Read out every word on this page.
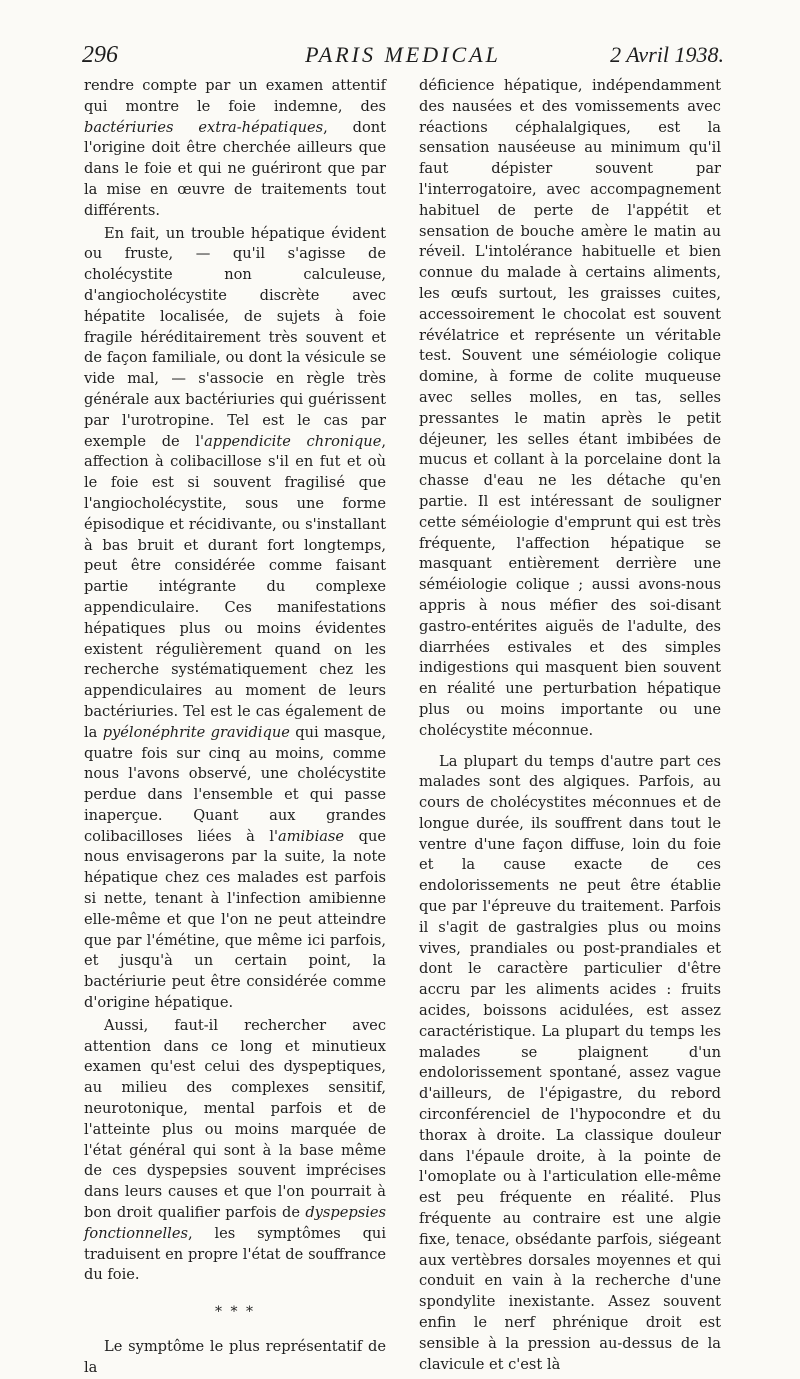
296	PARIS MEDICAL	2 Avril 1938.

rendre compte par un examen attentif qui montre le foie indemne, des bactériuries extra-hépatiques, dont l'origine doit être cherchée ailleurs que dans le foie et qui ne guériront que par la mise en œuvre de traitements tout différents.

En fait, un trouble hépatique évident ou fruste, — qu'il s'agisse de cholécystite non calculeuse, d'angiocholécystite discrète avec hépatite localisée, de sujets à foie fragile héréditairement très souvent et de façon familiale, ou dont la vésicule se vide mal, — s'associe en règle très générale aux bactériuries qui guérissent par l'urotropine. Tel est le cas par exemple de l'appendicite chronique, affection à colibacillose s'il en fut et où le foie est si souvent fragilisé que l'angiocholécystite, sous une forme épisodique et récidivante, ou s'installant à bas bruit et durant fort longtemps, peut être considérée comme faisant partie intégrante du complexe appendiculaire. Ces manifestations hépatiques plus ou moins évidentes existent régulièrement quand on les recherche systématiquement chez les appendiculaires au moment de leurs bactériuries. Tel est le cas également de la pyélonéphrite gravidique qui masque, quatre fois sur cinq au moins, comme nous l'avons observé, une cholécystite perdue dans l'ensemble et qui passe inaperçue. Quant aux grandes colibacilloses liées à l'amibiase que nous envisagerons par la suite, la note hépatique chez ces malades est parfois si nette, tenant à l'infection amibienne elle-même et que l'on ne peut atteindre que par l'émétine, que même ici parfois, et jusqu'à un certain point, la bactériurie peut être considérée comme d'origine hépatique.

Aussi, faut-il rechercher avec attention dans ce long et minutieux examen qu'est celui des dyspeptiques, au milieu des complexes sensitif, neurotonique, mental parfois et de l'atteinte plus ou moins marquée de l'état général qui sont à la base même de ces dyspepsies souvent imprécises dans leurs causes et que l'on pourrait à bon droit qualifier parfois de dyspepsies fonctionnelles, les symptômes qui traduisent en propre l'état de souffrance du foie.

* * *

Le symptôme le plus représentatif de la

déficience hépatique, indépendamment des nausées et des vomissements avec réactions céphalalgiques, est la sensation nauséeuse au minimum qu'il faut dépister souvent par l'interrogatoire, avec accompagnement habituel de perte de l'appétit et sensation de bouche amère le matin au réveil. L'intolérance habituelle et bien connue du malade à certains aliments, les œufs surtout, les graisses cuites, accessoirement le chocolat est souvent révélatrice et représente un véritable test. Souvent une séméiologie colique domine, à forme de colite muqueuse avec selles molles, en tas, selles pressantes le matin après le petit déjeuner, les selles étant imbibées de mucus et collant à la porcelaine dont la chasse d'eau ne les détache qu'en partie. Il est intéressant de souligner cette séméiologie d'emprunt qui est très fréquente, l'affection hépatique se masquant entièrement derrière une séméiologie colique ; aussi avons-nous appris à nous méfier des soi-disant gastro-entérites aiguës de l'adulte, des diarrhées estivales et des simples indigestions qui masquent bien souvent en réalité une perturbation hépatique plus ou moins importante ou une cholécystite méconnue.

La plupart du temps d'autre part ces malades sont des algiques. Parfois, au cours de cholécystites méconnues et de longue durée, ils souffrent dans tout le ventre d'une façon diffuse, loin du foie et la cause exacte de ces endolorissements ne peut être établie que par l'épreuve du traitement. Parfois il s'agit de gastralgies plus ou moins vives, prandiales ou post-prandiales et dont le caractère particulier d'être accru par les aliments acides : fruits acides, boissons acidulées, est assez caractéristique. La plupart du temps les malades se plaignent d'un endolorissement spontané, assez vague d'ailleurs, de l'épigastre, du rebord circonférenciel de l'hypocondre et du thorax à droite. La classique douleur dans l'épaule droite, à la pointe de l'omoplate ou à l'articulation elle-même est peu fréquente en réalité. Plus fréquente au contraire est une algie fixe, tenace, obsédante parfois, siégeant aux vertèbres dorsales moyennes et qui conduit en vain à la recherche d'une spondylite inexistante. Assez souvent enfin le nerf phrénique droit est sensible à la pression au-dessus de la clavicule et c'est là
